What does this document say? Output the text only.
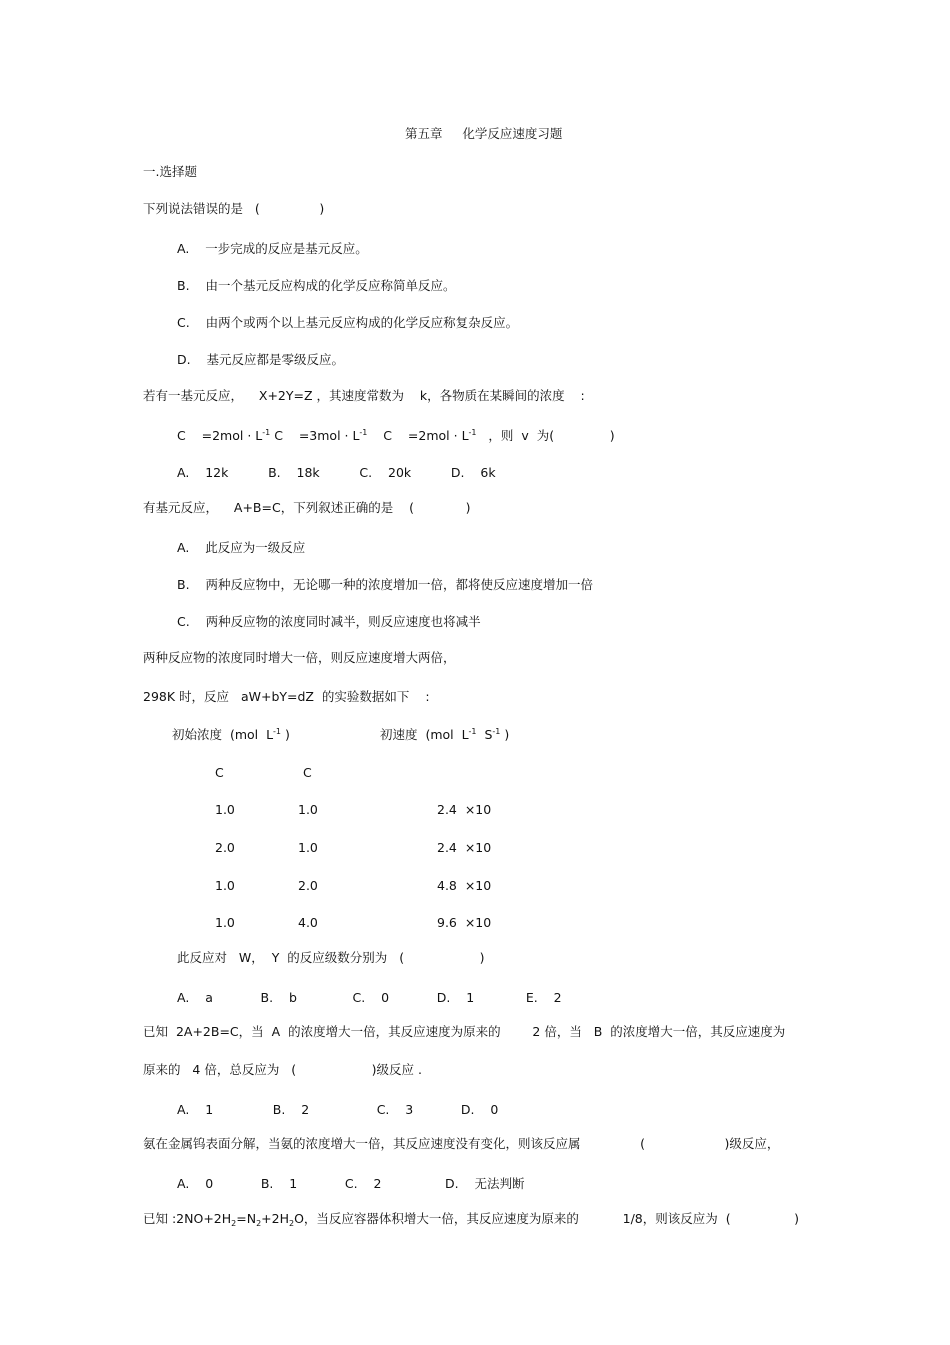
第五章     化学反应速度习题
一.选择题
下列说法错误的是   (               )
A.    一步完成的反应是基元反应。
B.    由一个基元反应构成的化学反应称简单反应。
C.    由两个或两个以上基元反应构成的化学反应称复杂反应。
D.    基元反应都是零级反应。
若有一基元反应，    X+2Y=Z ，其速度常数为    k，各物质在某瞬间的浓度    :
C    $=2mol \cdot L^{-1}$ C    $=3mol \cdot L^{-1}$    C    $=2mol \cdot L^{-1}$   ，则  v  为(              )
A.    12k          B.    18k          C.    20k          D.    6k
有基元反应，    A+B=C，下列叙述正确的是    (             )
A.    此反应为一级反应
B.    两种反应物中，无论哪一种的浓度增加一倍，都将使反应速度增加一倍
C.    两种反应物的浓度同时减半，则反应速度也将减半
两种反应物的浓度同时增大一倍，则反应速度增大两倍，
298K 时，反应   aW+bY=dZ  的实验数据如下    :
初始浓度  (mol  $L^{-1}$ )	初速度  (mol  $L^{-1}$  $S^{-1}$ )
C	C
1.0	1.0	2.4  ×10
2.0	1.0	2.4  ×10
1.0	2.0	4.8  ×10
1.0	4.0	9.6  ×10
此反应对   W，  Y  的反应级数分别为   (                   )
A.    a            B.    b              C.    0            D.    1             E.    2
已知  2A+2B=C，当  A  的浓度增大一倍，其反应速度为原来的        2 倍，当   B  的浓度增大一倍，其反应速度为
原来的   4 倍，总反应为   (                   )级反应 .
A.    1               B.    2                 C.    3            D.    0
氨在金属钨表面分解，当氨的浓度增大一倍，其反应速度没有变化，则该反应属               (                    )级反应，
A.    0            B.    1            C.    2                D.    无法判断
已知 $:2NO+2H_2=N_2+2H_2O$，当反应容器体积增大一倍，其反应速度为原来的           1/8，则该反应为  (                )
